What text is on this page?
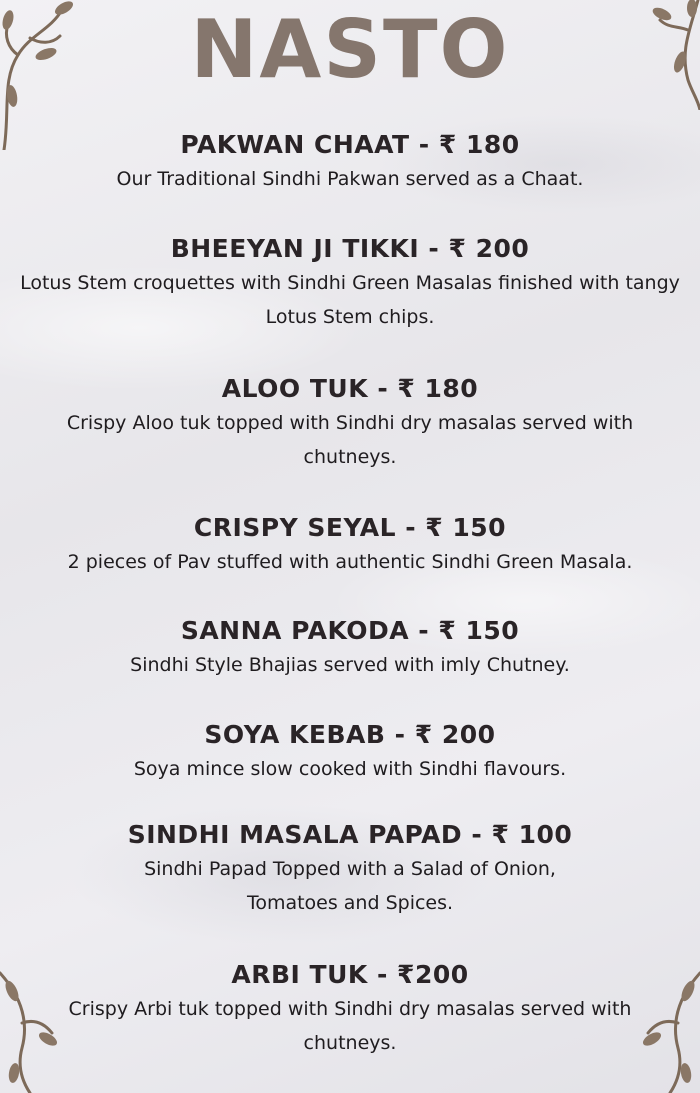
NASTO
PAKWAN CHAAT - ₹ 180
Our Traditional Sindhi Pakwan served as a Chaat.
BHEEYAN JI TIKKI - ₹ 200
Lotus Stem croquettes with Sindhi Green Masalas finished with tangy Lotus Stem chips.
ALOO TUK - ₹ 180
Crispy Aloo tuk topped with Sindhi dry masalas served with chutneys.
CRISPY SEYAL - ₹ 150
2 pieces of Pav stuffed with authentic Sindhi Green Masala.
SANNA PAKODA - ₹ 150
Sindhi Style Bhajias served with imly Chutney.
SOYA KEBAB - ₹ 200
Soya mince slow cooked with Sindhi flavours.
SINDHI MASALA PAPAD - ₹ 100
Sindhi Papad Topped with a Salad of Onion, Tomatoes and Spices.
ARBI TUK - ₹200
Crispy Arbi tuk topped with Sindhi dry masalas served with chutneys.
